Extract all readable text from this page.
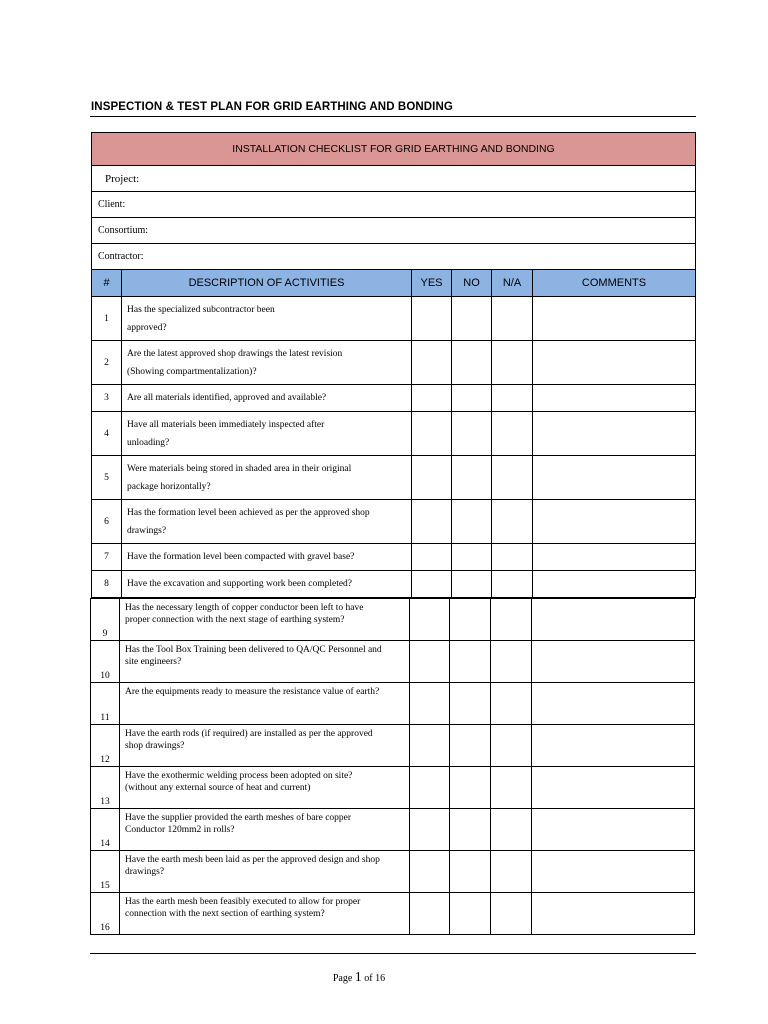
INSPECTION & TEST PLAN FOR GRID EARTHING AND BONDING
INSTALLATION CHECKLIST FOR GRID EARTHING AND BONDING					
Project:					
Client:					
Consortium:					
Contractor:					
#	DESCRIPTION OF ACTIVITIES	YES	NO	N/A	COMMENTS
1	Has the specialized subcontractor been
approved?				

2	Are the latest approved shop drawings the latest revision
(Showing compartmentalization)?				

3	Are all materials identified, approved and available?				

4	Have all materials been immediately inspected after
unloading?				

5	Were materials being stored in shaded area in their original
package horizontally?				

6	Has the formation level been achieved as per the approved shop
drawings?				

7	Have the formation level been compacted with gravel base?				

8	Have the excavation and supporting work been completed?				

9	Has the necessary length of copper conductor been left to have
proper connection with the next stage of earthing system?				

10	Has the Tool Box Training been delivered to QA/QC Personnel and
site engineers?				

11	Are the equipments ready to measure the resistance value of earth?				

12	Have the earth rods (if required) are installed as per the approved
shop drawings?				

13	Have the exothermic welding process been adopted on site?
(without any external source of heat and current)				

14	Have the supplier provided the earth meshes of bare copper
Conductor 120mm2 in rolls?				

15	Have the earth mesh been laid as per the approved design and shop
drawings?				

16	Has the earth mesh been feasibly executed to allow for proper
connection with the next section of earthing system?				

Page 1 of 16
